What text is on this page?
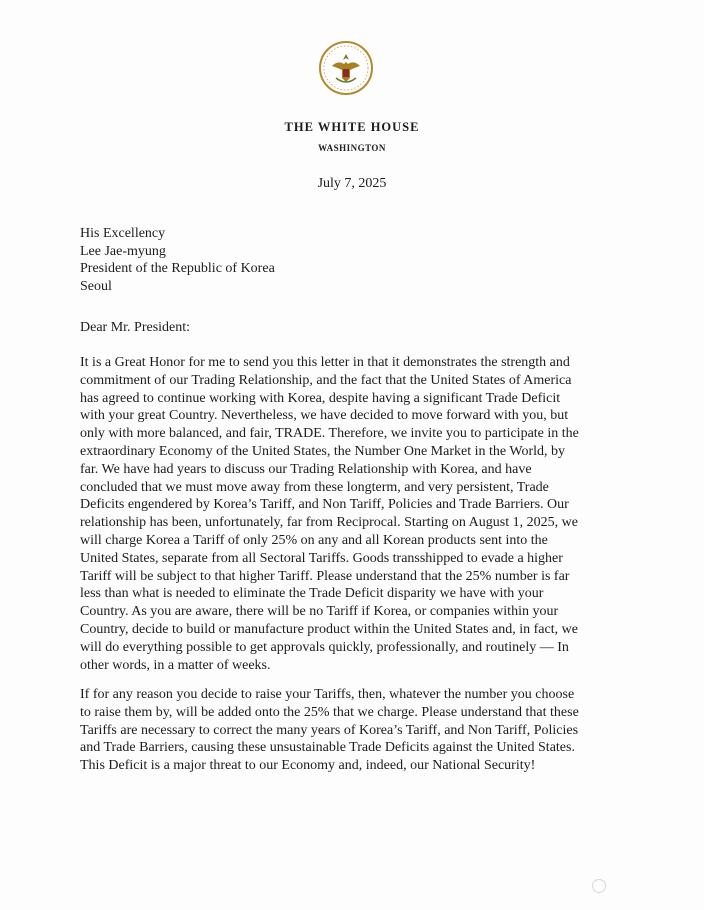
THE WHITE HOUSE
WASHINGTON
July 7, 2025
His Excellency
Lee Jae-myung
President of the Republic of Korea
Seoul
Dear Mr. President:
It is a Great Honor for me to send you this letter in that it demonstrates the strength and
commitment of our Trading Relationship, and the fact that the United States of America
has agreed to continue working with Korea, despite having a significant Trade Deficit
with your great Country. Nevertheless, we have decided to move forward with you, but
only with more balanced, and fair, TRADE. Therefore, we invite you to participate in the
extraordinary Economy of the United States, the Number One Market in the World, by
far. We have had years to discuss our Trading Relationship with Korea, and have
concluded that we must move away from these longterm, and very persistent, Trade
Deficits engendered by Korea’s Tariff, and Non Tariff, Policies and Trade Barriers. Our
relationship has been, unfortunately, far from Reciprocal. Starting on August 1, 2025, we
will charge Korea a Tariff of only 25% on any and all Korean products sent into the
United States, separate from all Sectoral Tariffs. Goods transshipped to evade a higher
Tariff will be subject to that higher Tariff. Please understand that the 25% number is far
less than what is needed to eliminate the Trade Deficit disparity we have with your
Country. As you are aware, there will be no Tariff if Korea, or companies within your
Country, decide to build or manufacture product within the United States and, in fact, we
will do everything possible to get approvals quickly, professionally, and routinely — In
other words, in a matter of weeks.
If for any reason you decide to raise your Tariffs, then, whatever the number you choose
to raise them by, will be added onto the 25% that we charge. Please understand that these
Tariffs are necessary to correct the many years of Korea’s Tariff, and Non Tariff, Policies
and Trade Barriers, causing these unsustainable Trade Deficits against the United States.
This Deficit is a major threat to our Economy and, indeed, our National Security!
